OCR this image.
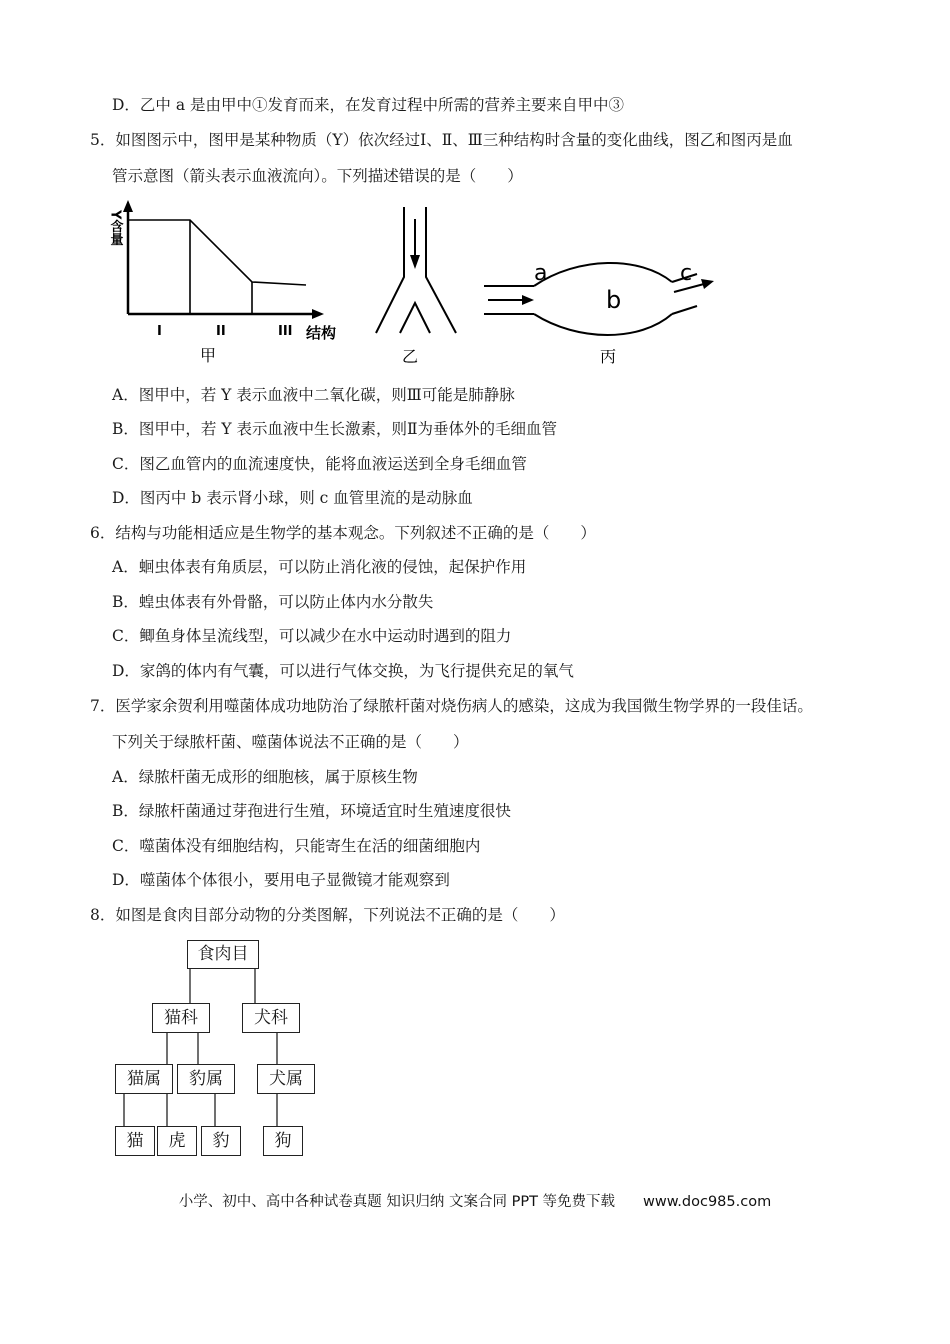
D．乙中 a 是由甲中①发育而来，在发育过程中所需的营养主要来自甲中③
5．如图图示中，图甲是某种物质（Y）依次经过Ⅰ、Ⅱ、Ⅲ三种结构时含量的变化曲线，图乙和图丙是血
管示意图（箭头表示血液流向）。下列描述错误的是（　　）
Y含量
I	II	III 结构
甲	乙
a
b
c
丙
A．图甲中，若 Y 表示血液中二氧化碳，则Ⅲ可能是肺静脉
B．图甲中，若 Y 表示血液中生长激素，则Ⅱ为垂体外的毛细血管
C．图乙血管内的血流速度快，能将血液运送到全身毛细血管
D．图丙中 b 表示肾小球，则 c 血管里流的是动脉血
6．结构与功能相适应是生物学的基本观念。下列叙述不正确的是（　　）
A．蛔虫体表有角质层，可以防止消化液的侵蚀，起保护作用
B．蝗虫体表有外骨骼，可以防止体内水分散失
C．鲫鱼身体呈流线型，可以减少在水中运动时遇到的阻力
D．家鸽的体内有气囊，可以进行气体交换，为飞行提供充足的氧气
7．医学家余贺利用噬菌体成功地防治了绿脓杆菌对烧伤病人的感染，这成为我国微生物学界的一段佳话。
下列关于绿脓杆菌、噬菌体说法不正确的是（　　）
A．绿脓杆菌无成形的细胞核，属于原核生物
B．绿脓杆菌通过芽孢进行生殖，环境适宜时生殖速度很快
C．噬菌体没有细胞结构，只能寄生在活的细菌细胞内
D．噬菌体个体很小，要用电子显微镜才能观察到
8．如图是食肉目部分动物的分类图解，下列说法不正确的是（　　）
食肉目
猫科	犬科
猫属	豹属	犬属
猫	虎	豹	狗
小学、初中、高中各种试卷真题 知识归纳 文案合同 PPT 等免费下载 www.doc985.com
